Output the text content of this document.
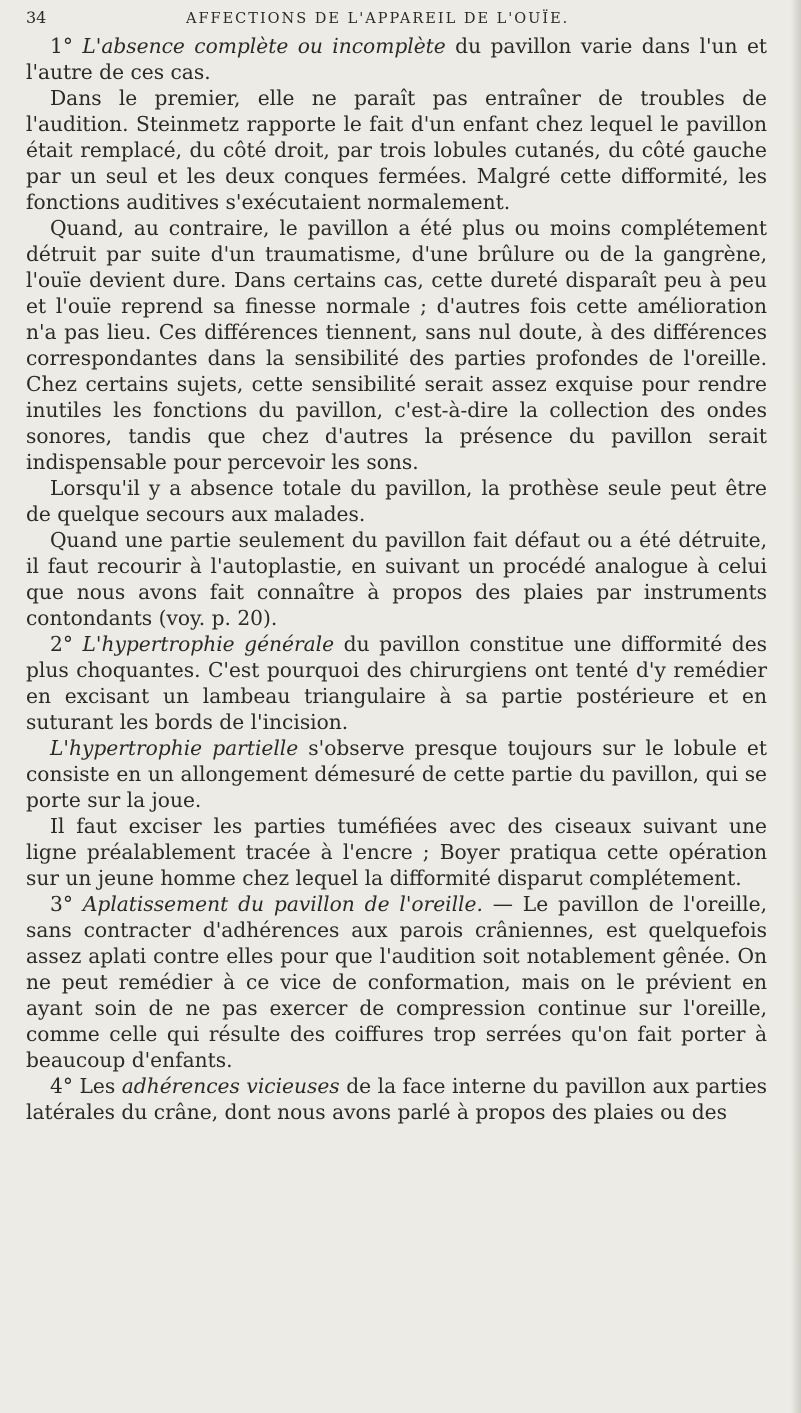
34	AFFECTIONS DE L'APPAREIL DE L'OUÏE.

1° L'absence complète ou incomplète du pavillon varie dans l'un et l'autre de ces cas.

Dans le premier, elle ne paraît pas entraîner de troubles de l'audition. Steinmetz rapporte le fait d'un enfant chez lequel le pavillon était remplacé, du côté droit, par trois lobules cutanés, du côté gauche par un seul et les deux conques fermées. Malgré cette difformité, les fonctions auditives s'exécutaient normalement.

Quand, au contraire, le pavillon a été plus ou moins complétement détruit par suite d'un traumatisme, d'une brûlure ou de la gangrène, l'ouïe devient dure. Dans certains cas, cette dureté disparaît peu à peu et l'ouïe reprend sa finesse normale ; d'autres fois cette amélioration n'a pas lieu. Ces différences tiennent, sans nul doute, à des différences correspondantes dans la sensibilité des parties profondes de l'oreille. Chez certains sujets, cette sensibilité serait assez exquise pour rendre inutiles les fonctions du pavillon, c'est-à-dire la collection des ondes sonores, tandis que chez d'autres la présence du pavillon serait indispensable pour percevoir les sons.

Lorsqu'il y a absence totale du pavillon, la prothèse seule peut être de quelque secours aux malades.

Quand une partie seulement du pavillon fait défaut ou a été détruite, il faut recourir à l'autoplastie, en suivant un procédé analogue à celui que nous avons fait connaître à propos des plaies par instruments contondants (voy. p. 20).

2° L'hypertrophie générale du pavillon constitue une difformité des plus choquantes. C'est pourquoi des chirurgiens ont tenté d'y remédier en excisant un lambeau triangulaire à sa partie postérieure et en suturant les bords de l'incision.

L'hypertrophie partielle s'observe presque toujours sur le lobule et consiste en un allongement démesuré de cette partie du pavillon, qui se porte sur la joue.

Il faut exciser les parties tuméfiées avec des ciseaux suivant une ligne préalablement tracée à l'encre ; Boyer pratiqua cette opération sur un jeune homme chez lequel la difformité disparut complétement.

3° Aplatissement du pavillon de l'oreille. — Le pavillon de l'oreille, sans contracter d'adhérences aux parois crâniennes, est quelquefois assez aplati contre elles pour que l'audition soit notablement gênée. On ne peut remédier à ce vice de conformation, mais on le prévient en ayant soin de ne pas exercer de compression continue sur l'oreille, comme celle qui résulte des coiffures trop serrées qu'on fait porter à beaucoup d'enfants.

4° Les adhérences vicieuses de la face interne du pavillon aux parties latérales du crâne, dont nous avons parlé à propos des plaies ou des
